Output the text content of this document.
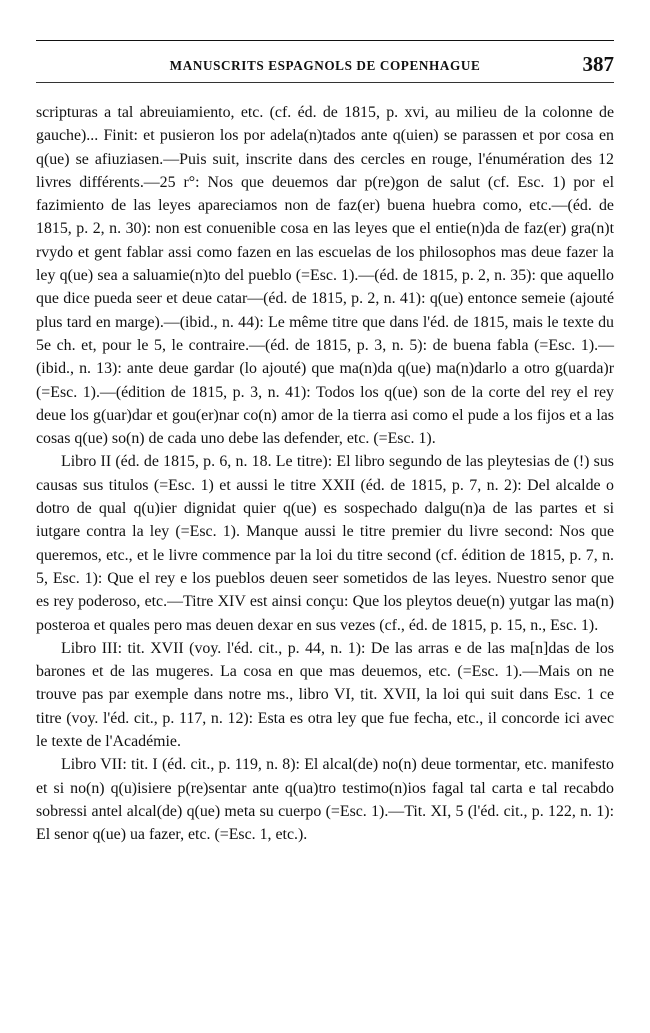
MANUSCRITS ESPAGNOLS DE COPENHAGUE	387

scripturas a tal abreuiamiento, etc. (cf. éd. de 1815, p. xvi, au milieu de la colonne de gauche)... Finit: et pusieron los por adela(n)tados ante q(uien) se parassen et por cosa en q(ue) se afiuziasen.—Puis suit, inscrite dans des cercles en rouge, l'énumération des 12 livres différents.—25 r°: Nos que deuemos dar p(re)gon de salut (cf. Esc. 1) por el fazimiento de las leyes apareciamos non de faz(er) buena huebra como, etc.—(éd. de 1815, p. 2, n. 30): non est conuenible cosa en las leyes que el entie(n)da de faz(er) gra(n)t rvydo et gent fablar assi como fazen en las escuelas de los philosophos mas deue fazer la ley q(ue) sea a saluamie(n)to del pueblo (=Esc. 1).—(éd. de 1815, p. 2, n. 35): que aquello que dice pueda seer et deue catar—(éd. de 1815, p. 2, n. 41): q(ue) entonce semeie (ajouté plus tard en marge).—(ibid., n. 44): Le même titre que dans l'éd. de 1815, mais le texte du 5e ch. et, pour le 5, le contraire.—(éd. de 1815, p. 3, n. 5): de buena fabla (=Esc. 1).—(ibid., n. 13): ante deue gardar (lo ajouté) que ma(n)da q(ue) ma(n)darlo a otro g(uarda)r (=Esc. 1).—(édition de 1815, p. 3, n. 41): Todos los q(ue) son de la corte del rey el rey deue los g(uar)dar et gou(er)nar co(n) amor de la tierra asi como el pude a los fijos et a las cosas q(ue) so(n) de cada uno debe las defender, etc. (=Esc. 1).

Libro II (éd. de 1815, p. 6, n. 18. Le titre): El libro segundo de las pleytesias de (!) sus causas sus titulos (=Esc. 1) et aussi le titre XXII (éd. de 1815, p. 7, n. 2): Del alcalde o dotro de qual q(u)ier dignidat quier q(ue) es sospechado dalgu(n)a de las partes et si iutgare contra la ley (=Esc. 1). Manque aussi le titre premier du livre second: Nos que queremos, etc., et le livre commence par la loi du titre second (cf. édition de 1815, p. 7, n. 5, Esc. 1): Que el rey e los pueblos deuen seer sometidos de las leyes. Nuestro senor que es rey poderoso, etc.—Titre XIV est ainsi conçu: Que los pleytos deue(n) yutgar las ma(n) posteroa et quales pero mas deuen dexar en sus vezes (cf., éd. de 1815, p. 15, n., Esc. 1).

Libro III: tit. XVII (voy. l'éd. cit., p. 44, n. 1): De las arras e de las ma[n]das de los barones et de las mugeres. La cosa en que mas deuemos, etc. (=Esc. 1).—Mais on ne trouve pas par exemple dans notre ms., libro VI, tit. XVII, la loi qui suit dans Esc. 1 ce titre (voy. l'éd. cit., p. 117, n. 12): Esta es otra ley que fue fecha, etc., il concorde ici avec le texte de l'Académie.

Libro VII: tit. I (éd. cit., p. 119, n. 8): El alcal(de) no(n) deue tormentar, etc. manifesto et si no(n) q(u)isiere p(re)sentar ante q(ua)tro testimo(n)ios fagal tal carta e tal recabdo sobressi antel alcal(de) q(ue) meta su cuerpo (=Esc. 1).—Tit. XI, 5 (l'éd. cit., p. 122, n. 1): El senor q(ue) ua fazer, etc. (=Esc. 1, etc.).
